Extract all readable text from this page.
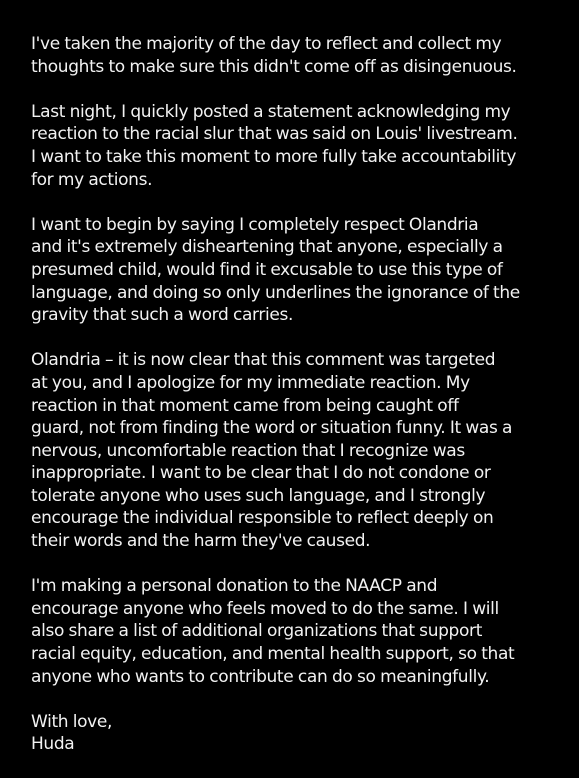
I've taken the majority of the day to reflect and collect my
thoughts to make sure this didn't come off as disingenuous.

Last night, I quickly posted a statement acknowledging my
reaction to the racial slur that was said on Louis' livestream.
I want to take this moment to more fully take accountability
for my actions.

I want to begin by saying I completely respect Olandria
and it's extremely disheartening that anyone, especially a
presumed child, would find it excusable to use this type of
language, and doing so only underlines the ignorance of the
gravity that such a word carries.

Olandria – it is now clear that this comment was targeted
at you, and I apologize for my immediate reaction. My
reaction in that moment came from being caught off
guard, not from finding the word or situation funny. It was a
nervous, uncomfortable reaction that I recognize was
inappropriate. I want to be clear that I do not condone or
tolerate anyone who uses such language, and I strongly
encourage the individual responsible to reflect deeply on
their words and the harm they've caused.

I'm making a personal donation to the NAACP and
encourage anyone who feels moved to do the same. I will
also share a list of additional organizations that support
racial equity, education, and mental health support, so that
anyone who wants to contribute can do so meaningfully.

With love,

Huda
